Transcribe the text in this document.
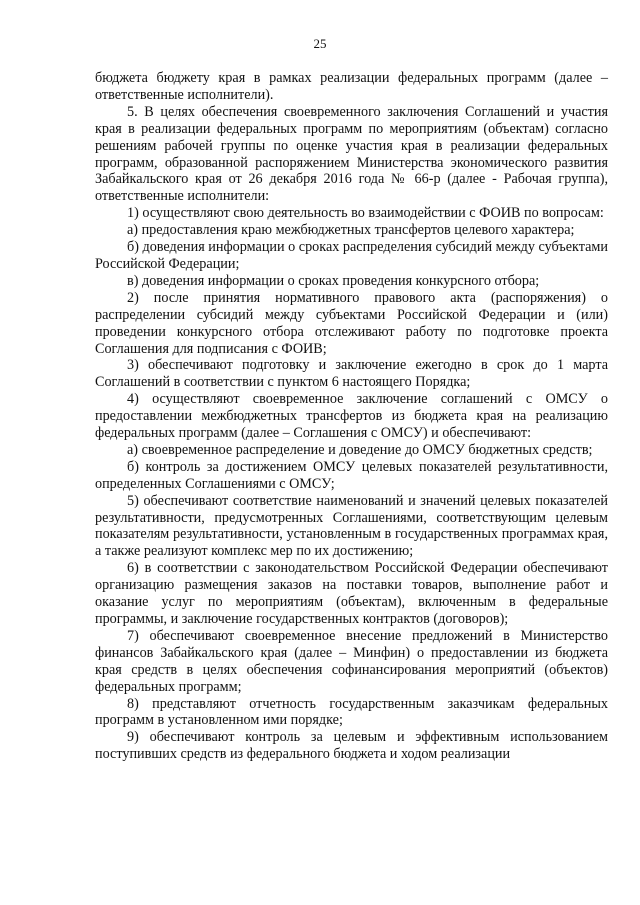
25

бюджета бюджету края в рамках реализации федеральных программ (далее – ответственные исполнители).

5. В целях обеспечения своевременного заключения Соглашений и участия края в реализации федеральных программ по мероприятиям (объектам) согласно решениям рабочей группы по оценке участия края в реализации федеральных программ, образованной распоряжением Министерства экономического развития Забайкальского края от 26 декабря 2016 года № 66-р (далее - Рабочая группа), ответственные исполнители:

1) осуществляют свою деятельность во взаимодействии с ФОИВ по вопросам:

а) предоставления краю межбюджетных трансфертов целевого характера;

б) доведения информации о сроках распределения субсидий между субъектами Российской Федерации;

в) доведения информации о сроках проведения конкурсного отбора;

2) после принятия нормативного правового акта (распоряжения) о распределении субсидий между субъектами Российской Федерации и (или) проведении конкурсного отбора отслеживают работу по подготовке проекта Соглашения для подписания с ФОИВ;

3) обеспечивают подготовку и заключение ежегодно в срок до 1 марта Соглашений в соответствии с пунктом 6 настоящего Порядка;

4) осуществляют своевременное заключение соглашений с ОМСУ о предоставлении межбюджетных трансфертов из бюджета края на реализацию федеральных программ (далее – Соглашения с ОМСУ) и обеспечивают:

а) своевременное распределение и доведение до ОМСУ бюджетных средств;

б) контроль за достижением ОМСУ целевых показателей результативности, определенных Соглашениями с ОМСУ;

5) обеспечивают соответствие наименований и значений целевых показателей результативности, предусмотренных Соглашениями, соответствующим целевым показателям результативности, установленным в государственных программах края, а также реализуют комплекс мер по их достижению;

6) в соответствии с законодательством Российской Федерации обеспечивают организацию размещения заказов на поставки товаров, выполнение работ и оказание услуг по мероприятиям (объектам), включенным в федеральные программы, и заключение государственных контрактов (договоров);

7) обеспечивают своевременное внесение предложений в Министерство финансов Забайкальского края (далее – Минфин) о предоставлении из бюджета края средств в целях обеспечения софинансирования мероприятий (объектов) федеральных программ;

8) представляют отчетность государственным заказчикам федеральных программ в установленном ими порядке;

9) обеспечивают контроль за целевым и эффективным использованием поступивших средств из федерального бюджета и ходом реализации
